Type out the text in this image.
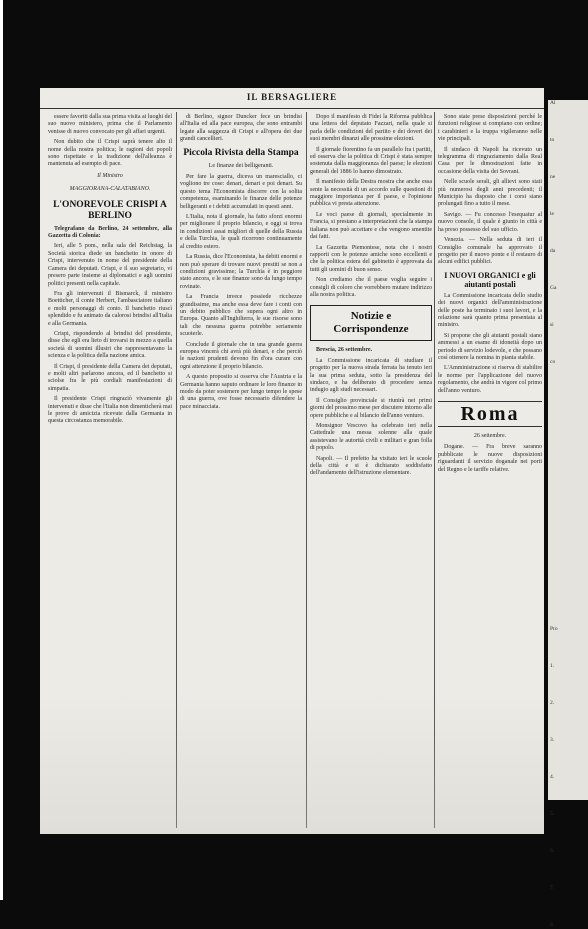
IL BERSAGLIERE

essere favoriti dalla sua prima visita ai luoghi del suo nuovo ministero, prima che il Parlamento venisse di nuovo convocato per gli affari urgenti.

Non dubito che il Crispi saprà tenere alto il nome della nostra politica; le ragioni dei popoli sono rispettate e la tradizione dell'alleanza è mantenuta ad esempio di pace.

Il Ministro
MAGGIORANA-CALATABIANO.
L'ONOREVOLE CRISPI A BERLINO

Telegrafano da Berlino, 24 settembre, alla Gazzetta di Colonia:

Ieri, alle 5 pom., nella sala del Reichstag, la Società storica diede un banchetto in onore di Crispi, intervenuto in nome del presidente della Camera dei deputati. Crispi, e il suo segretario, vi presero parte insieme ai diplomatici e agli uomini politici presenti nella capitale.

Fra gli intervenuti il Bismarck, il ministro Boetticher, il conte Herbert, l'ambasciatore italiano e molti personaggi di conto. Il banchetto riuscì splendido e fu animato da calorosi brindisi all'Italia e alla Germania.

Crispi, rispondendo al brindisi del presidente, disse che egli era lieto di trovarsi in mezzo a quella società di uomini illustri che rappresentavano la scienza e la politica della nazione amica.

Il Crispi, il presidente della Camera dei deputati, e molti altri parlarono ancora, ed il banchetto si sciolse fra le più cordiali manifestazioni di simpatia.

Il presidente Crispi ringraziò vivamente gli intervenuti e disse che l'Italia non dimenticherà mai le prove di amicizia ricevute dalla Germania in questa circostanza memorabile.

di Berlino, signor Duncker fece un brindisi all'Italia ed alla pace europea, che sono entrambi legate alla saggezza di Crispi e all'opera dei due grandi cancellieri.

Piccola Rivista della Stampa
Le finanze dei belligeranti.

Per fare la guerra, diceva un maresciallo, ci vogliono tre cose: denari, denari e poi denari. Su questo tema l'Economista discorre con la solita competenza, esaminando le finanze delle potenze belligeranti e i debiti accumulati in questi anni.

L'Italia, nota il giornale, ha fatto sforzi enormi per migliorare il proprio bilancio, e oggi si trova in condizioni assai migliori di quelle della Russia e della Turchia, le quali ricorrono continuamente al credito estero.

La Russia, dice l'Economista, ha debiti enormi e non può sperare di trovare nuovi prestiti se non a condizioni gravissime; la Turchia è in peggiore stato ancora, e le sue finanze sono da lungo tempo rovinate.

La Francia invece possiede ricchezze grandissime, ma anche essa deve fare i conti con un debito pubblico che supera ogni altro in Europa. Quanto all'Inghilterra, le sue risorse sono tali che nessuna guerra potrebbe seriamente scuoterle.

Conclude il giornale che in una grande guerra europea vincerà chi avrà più denari, e che perciò le nazioni prudenti devono fin d'ora curare con ogni attenzione il proprio bilancio.

A questo proposito si osserva che l'Austria e la Germania hanno saputo ordinare le loro finanze in modo da poter sostenere per lungo tempo le spese di una guerra, ove fosse necessario difendere la pace minacciata.

Dopo il manifesto di Fidei la Riforma pubblica una lettera del deputato Fazzari, nella quale si parla delle condizioni del partito e dei doveri dei suoi membri dinanzi alle prossime elezioni.

Il giornale fiorentino fa un parallelo fra i partiti, ed osserva che la politica di Crispi è stata sempre sostenuta dalla maggioranza del paese; le elezioni generali del 1886 lo hanno dimostrato.

Il manifesto della Destra mostra che anche essa sente la necessità di un accordo sulle questioni di maggiore importanza per il paese, e l'opinione pubblica vi presta attenzione.

Le voci paese di giornali, specialmente in Francia, si prestano a interpretazioni che la stampa italiana non può accettare e che vengono smentite dai fatti.

La Gazzetta Piemontese, nota che i nostri rapporti con le potenze amiche sono eccellenti e che la politica estera del gabinetto è approvata da tutti gli uomini di buon senso.

Non crediamo che il paese voglia seguire i consigli di coloro che vorrebbero mutare indirizzo alla nostra politica.

Notizie e Corrispondenze

Brescia, 26 settembre.

La Commissione incaricata di studiare il progetto per la nuova strada ferrata ha tenuto ieri la sua prima seduta, sotto la presidenza del sindaco, e ha deliberato di procedere senza indugio agli studi necessari.

Il Consiglio provinciale si riunirà nei primi giorni del prossimo mese per discutere intorno alle opere pubbliche e al bilancio dell'anno venturo.

Monsignor Vescovo ha celebrato ieri nella Cattedrale una messa solenne alla quale assistevano le autorità civili e militari e gran folla di popolo.

Napoli. — Il prefetto ha visitato ieri le scuole della città e si è dichiarato soddisfatto dell'andamento dell'istruzione elementare.

Sono state prese disposizioni perché le funzioni religiose si compiano con ordine; i carabinieri e la truppa vigileranno nelle vie principali.

Il sindaco di Napoli ha ricevuto un telegramma di ringraziamento dalla Real Casa per le dimostrazioni fatte in occasione della visita dei Sovrani.

Nelle scuole serali, gli allievi sono stati più numerosi degli anni precedenti; il Municipio ha disposto che i corsi siano prolungati fino a tutto il mese.

Savigo. — Fu concesso l'esequatur al nuovo console, il quale è giunto in città e ha preso possesso del suo ufficio.

Venezia. — Nella seduta di ieri il Consiglio comunale ha approvato il progetto per il nuovo ponte e il restauro di alcuni edifici pubblici.

I NUOVI ORGANICI e gli aiutanti postali

La Commissione incaricata dello studio dei nuovi organici dell'amministrazione delle poste ha terminato i suoi lavori, e la relazione sarà quanto prima presentata al ministro.

Si propone che gli aiutanti postali siano ammessi a un esame di idoneità dopo un periodo di servizio lodevole, e che possano così ottenere la nomina in pianta stabile.

L'Amministrazione si riserva di stabilire le norme per l'applicazione del nuovo regolamento, che andrà in vigore col primo dell'anno venturo.

Roma
26 settembre.

Dogane. — Fra breve saranno pubblicate le nuove disposizioni riguardanti il servizio doganale nei porti del Regno e le tariffe relative.

Al
to
ne
le
da
Ga
si
co
Pro
1.
2.
3.
4.
5.
6.
7.
8.
